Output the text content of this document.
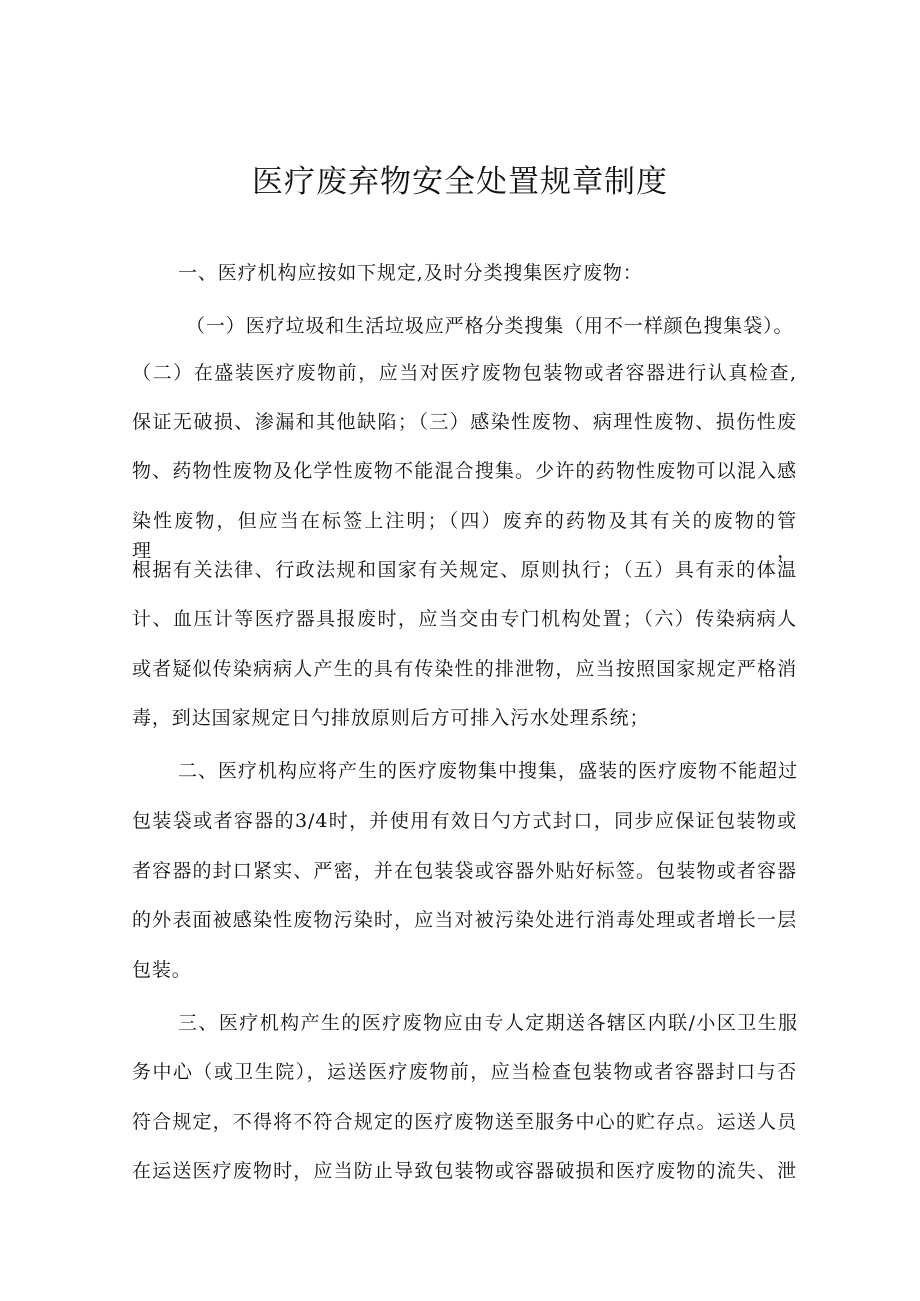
医疗废弃物安全处置规章制度
一、医疗机构应按如下规定,及时分类搜集医疗废物：
（一）医疗垃圾和生活垃圾应严格分类搜集（用不一样颜色搜集袋）。
（二）在盛装医疗废物前，应当对医疗废物包装物或者容器进行认真检查,
保证无破损、渗漏和其他缺陷；（三）感染性废物、病理性废物、损伤性废
物、药物性废物及化学性废物不能混合搜集。少许的药物性废物可以混入感
染性废物，但应当在标签上注明；（四）废弃的药物及其有关的废物的管理，
根据有关法律、行政法规和国家有关规定、原则执行；（五）具有汞的体温
计、血压计等医疗器具报废时，应当交由专门机构处置；（六）传染病病人
或者疑似传染病病人产生的具有传染性的排泄物，应当按照国家规定严格消
毒，到达国家规定日勺排放原则后方可排入污水处理系统；
二、医疗机构应将产生的医疗废物集中搜集，盛装的医疗废物不能超过
包装袋或者容器的3/4时，并使用有效日勺方式封口，同步应保证包装物或
者容器的封口紧实、严密，并在包装袋或容器外贴好标签。包装物或者容器
的外表面被感染性废物污染时，应当对被污染处进行消毒处理或者增长一层
包装。
三、医疗机构产生的医疗废物应由专人定期送各辖区内联/小区卫生服
务中心（或卫生院），运送医疗废物前，应当检查包装物或者容器封口与否
符合规定，不得将不符合规定的医疗废物送至服务中心的贮存点。运送人员
在运送医疗废物时，应当防止导致包装物或容器破损和医疗废物的流失、泄
